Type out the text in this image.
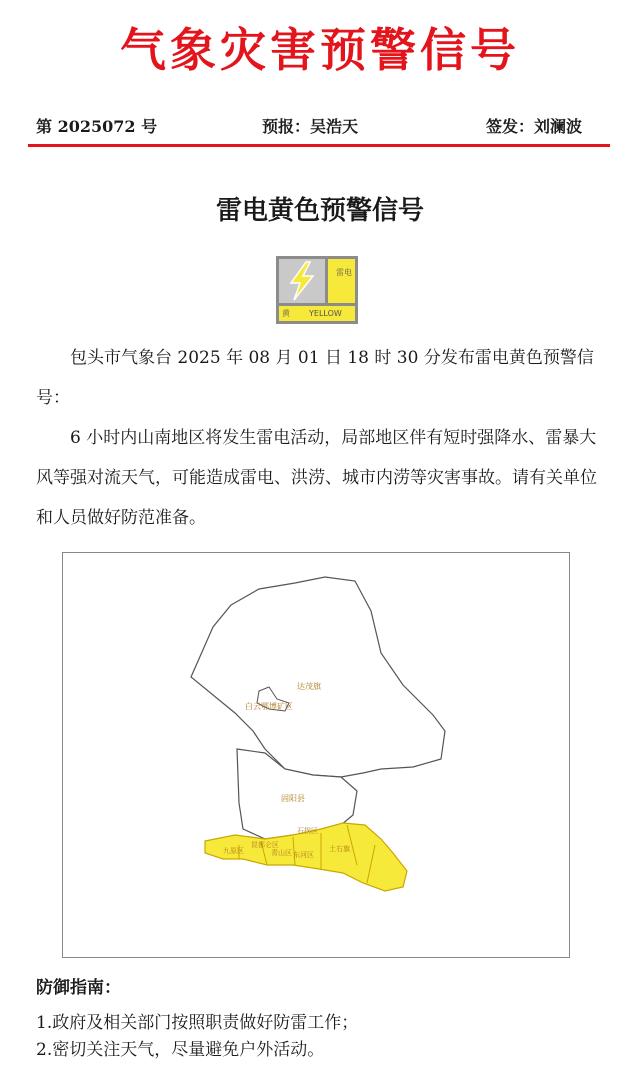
气象灾害预警信号
第 2025072 号	预报：吴浩天	签发：刘澜波
雷电黄色预警信号
雷电
黄 YELLOW

包头市气象台 2025 年 08 月 01 日 18 时 30 分发布雷电黄色预警信号：

6 小时内山南地区将发生雷电活动，局部地区伴有短时强降水、雷暴大风等强对流天气，可能造成雷电、洪涝、城市内涝等灾害事故。请有关单位和人员做好防范准备。

达茂旗
白云鄂博矿区
固阳县
石拐区
九原区
昆都仑区
青山区 东河区
土右旗
防御指南：
1.政府及相关部门按照职责做好防雷工作；
2.密切关注天气，尽量避免户外活动。
